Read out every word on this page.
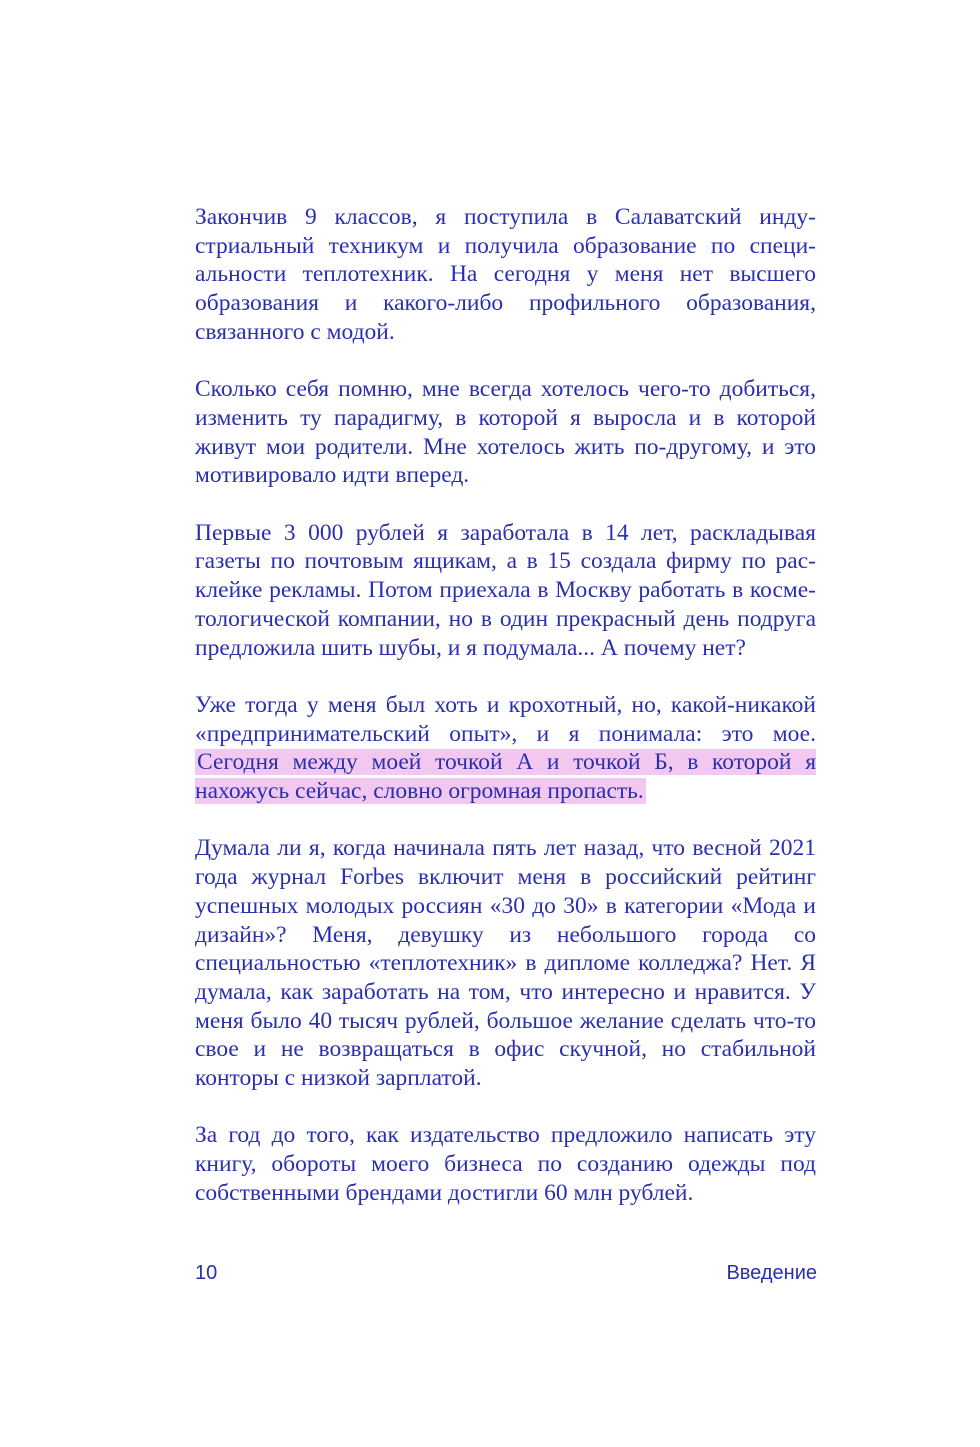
Закончив 9 классов, я поступила в Салаватский индустриальный техникум и получила образование по специальности теплотехник. На сегодня у меня нет высшего образования и какого-либо профильного образования, связанного с модой.

Сколько себя помню, мне всегда хотелось чего-то добиться, изменить ту парадигму, в которой я выросла и в которой живут мои родители. Мне хотелось жить по-другому, и это мотивировало идти вперед.

Первые 3 000 рублей я заработала в 14 лет, раскладывая газеты по почтовым ящикам, а в 15 создала фирму по расклейке рекламы. Потом приехала в Москву работать в косметологической компании, но в один прекрасный день подруга предложила шить шубы, и я подумала... А почему нет?

Уже тогда у меня был хоть и крохотный, но, какой-никакой «предпринимательский опыт», и я понимала: это мое. Сегодня между моей точкой А и точкой Б, в которой я нахожусь сейчас, словно огромная пропасть.

Думала ли я, когда начинала пять лет назад, что весной 2021 года журнал Forbes включит меня в российский рейтинг успешных молодых россиян «30 до 30» в категории «Мода и дизайн»? Меня, девушку из небольшого города со специальностью «теплотехник» в дипломе колледжа? Нет. Я думала, как заработать на том, что интересно и нравится. У меня было 40 тысяч рублей, большое желание сделать что-то свое и не возвращаться в офис скучной, но стабильной конторы с низкой зарплатой.

За год до того, как издательство предложило написать эту книгу, обороты моего бизнеса по созданию одежды под собственными брендами достигли 60 млн рублей.

10	Введение
